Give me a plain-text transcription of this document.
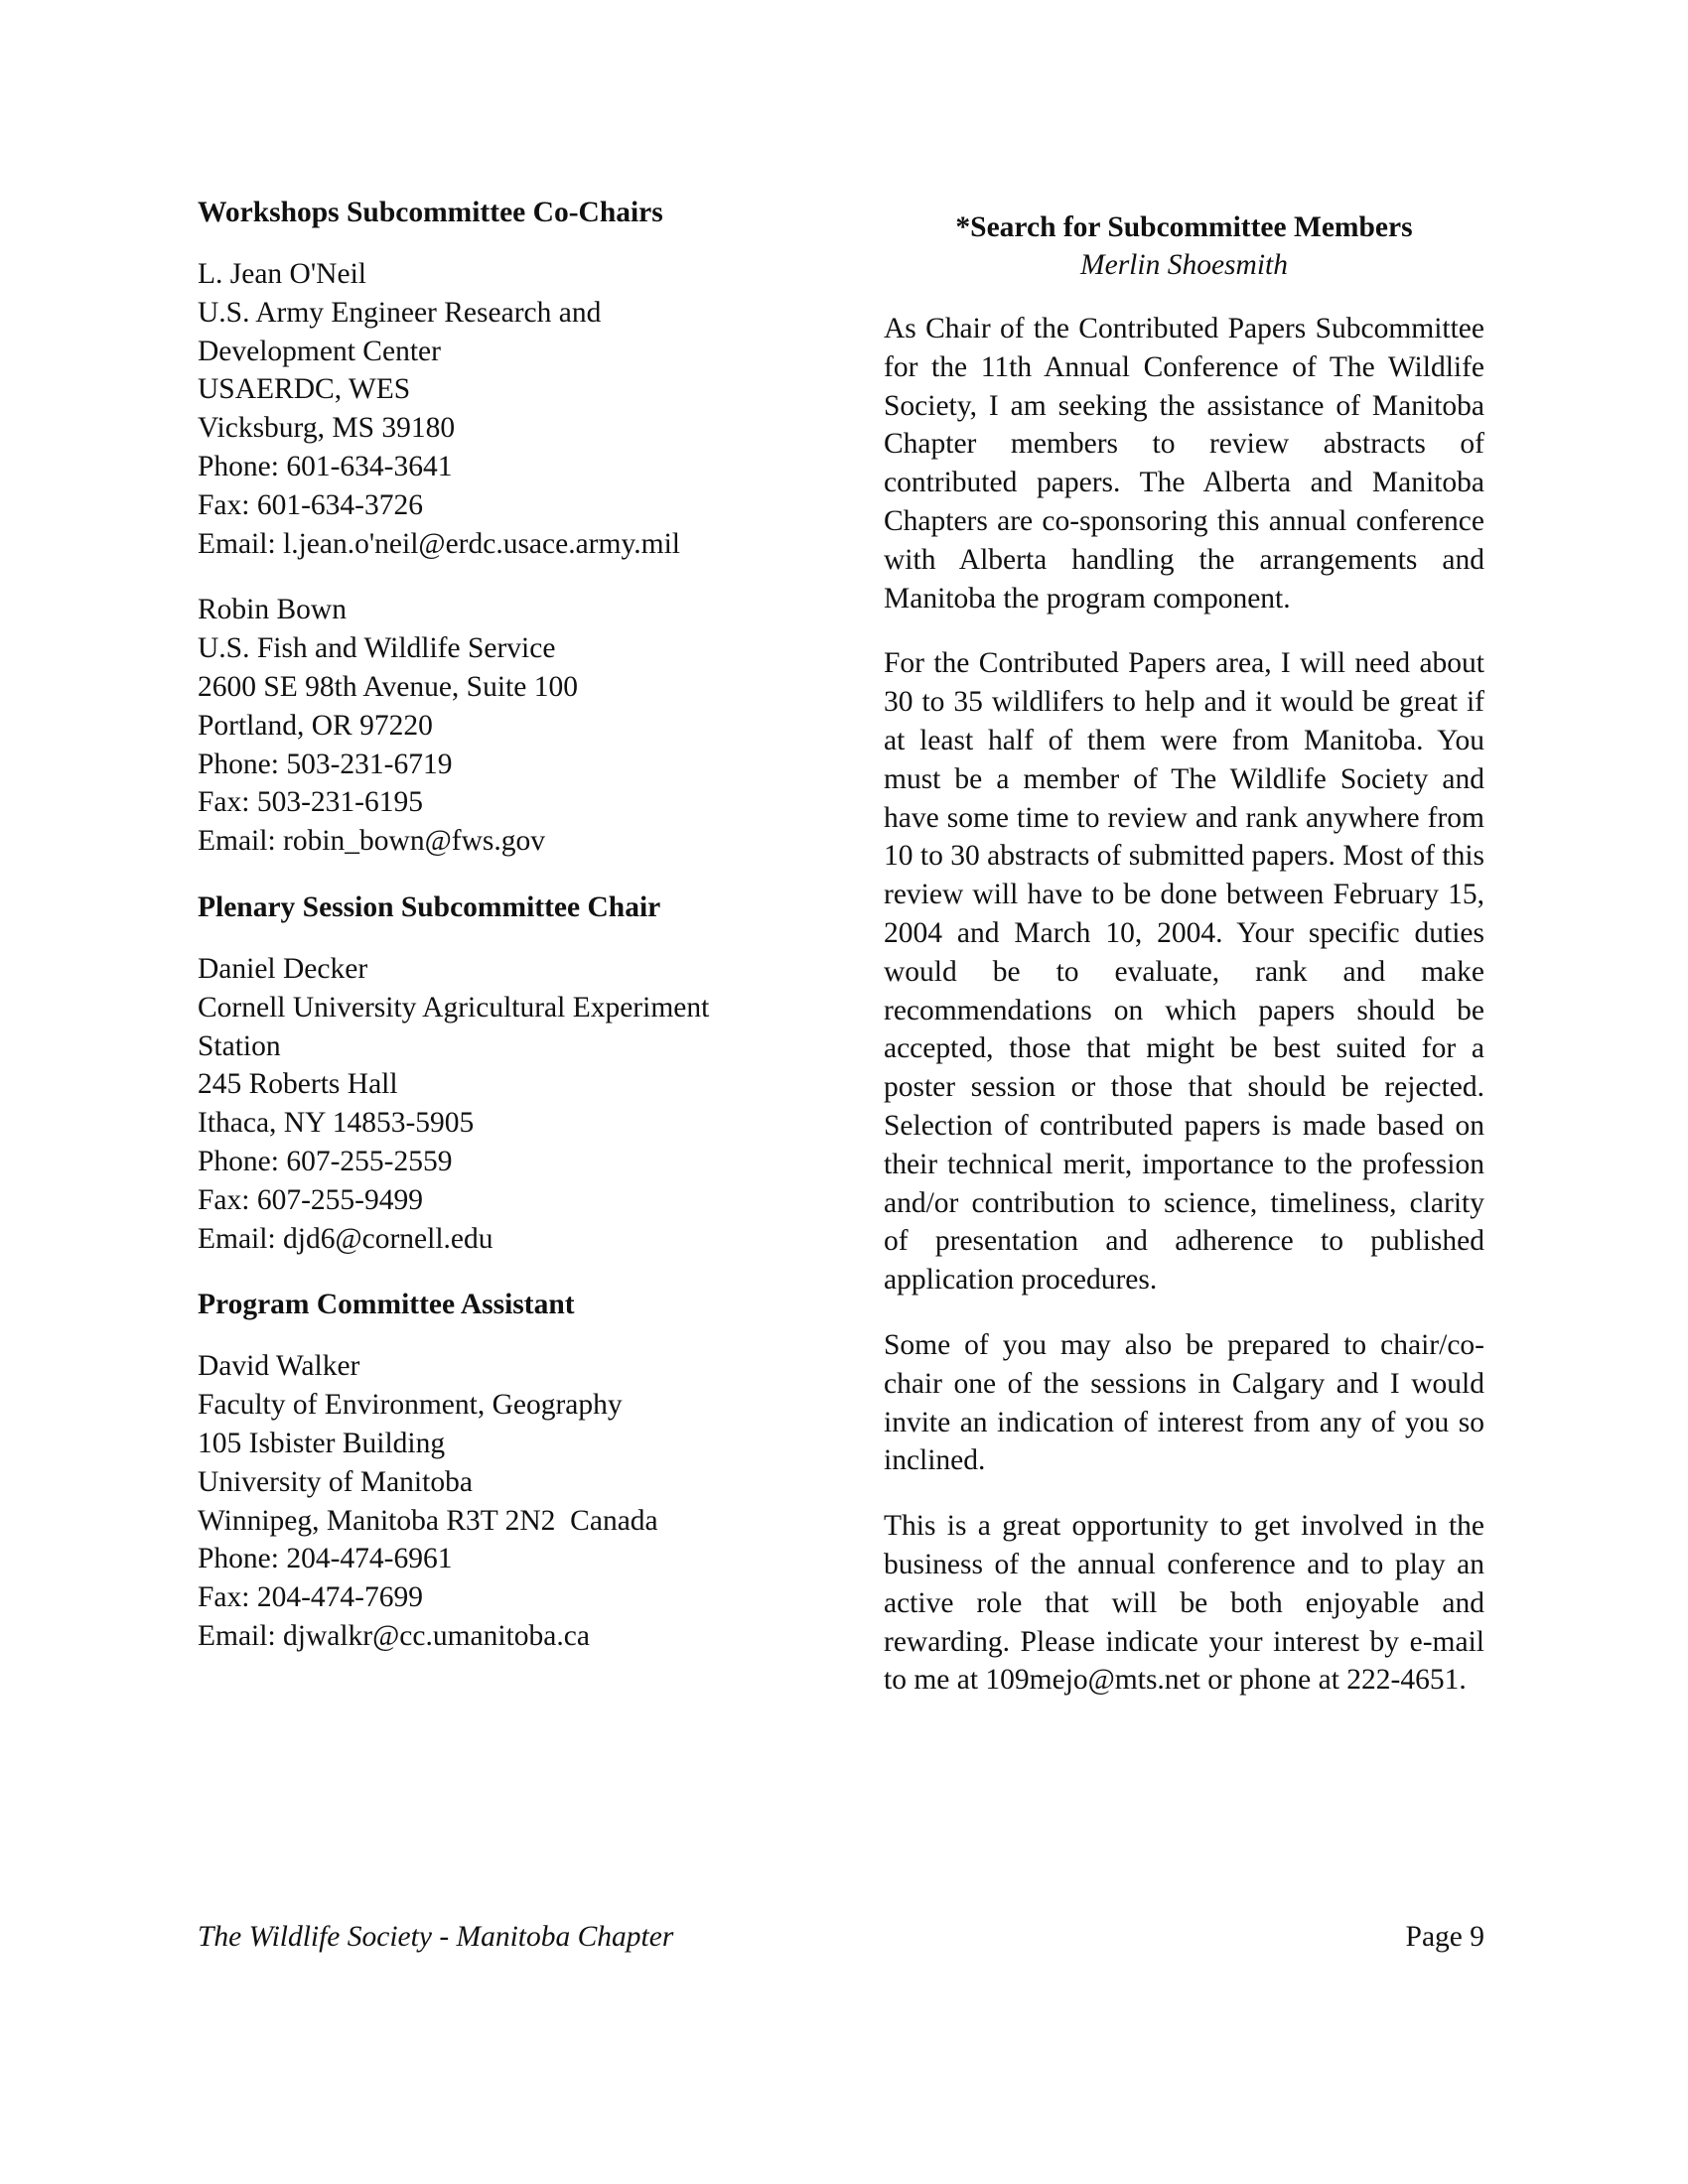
Workshops Subcommittee Co-Chairs
L. Jean O'Neil
U.S. Army Engineer Research and
Development Center
USAERDC, WES
Vicksburg, MS 39180
Phone: 601-634-3641
Fax: 601-634-3726
Email: l.jean.o'neil@erdc.usace.army.mil
Robin Bown
U.S. Fish and Wildlife Service
2600 SE 98th Avenue, Suite 100
Portland, OR 97220
Phone: 503-231-6719
Fax: 503-231-6195
Email: robin_bown@fws.gov
Plenary Session Subcommittee Chair
Daniel Decker
Cornell University Agricultural Experiment
Station
245 Roberts Hall
Ithaca, NY 14853-5905
Phone: 607-255-2559
Fax: 607-255-9499
Email: djd6@cornell.edu
Program Committee Assistant
David Walker
Faculty of Environment, Geography
105 Isbister Building
University of Manitoba
Winnipeg, Manitoba R3T 2N2  Canada
Phone: 204-474-6961
Fax: 204-474-7699
Email: djwalkr@cc.umanitoba.ca
*Search for Subcommittee Members

Merlin Shoesmith

As Chair of the Contributed Papers Subcommittee for the 11th Annual Conference of The Wildlife Society, I am seeking the assistance of Manitoba Chapter members to review abstracts of contributed papers. The Alberta and Manitoba Chapters are co-sponsoring this annual conference with Alberta handling the arrangements and Manitoba the program component.

For the Contributed Papers area, I will need about 30 to 35 wildlifers to help and it would be great if at least half of them were from Manitoba. You must be a member of The Wildlife Society and have some time to review and rank anywhere from 10 to 30 abstracts of submitted papers. Most of this review will have to be done between February 15, 2004 and March 10, 2004. Your specific duties would be to evaluate, rank and make recommendations on which papers should be accepted, those that might be best suited for a poster session or those that should be rejected. Selection of contributed papers is made based on their technical merit, importance to the profession and/or contribution to science, timeliness, clarity of presentation and adherence to published application procedures.

Some of you may also be prepared to chair/co-chair one of the sessions in Calgary and I would invite an indication of interest from any of you so inclined.

This is a great opportunity to get involved in the business of the annual conference and to play an active role that will be both enjoyable and rewarding. Please indicate your interest by e-mail to me at 109mejo@mts.net or phone at 222-4651.

The Wildlife Society - Manitoba Chapter	Page 9
